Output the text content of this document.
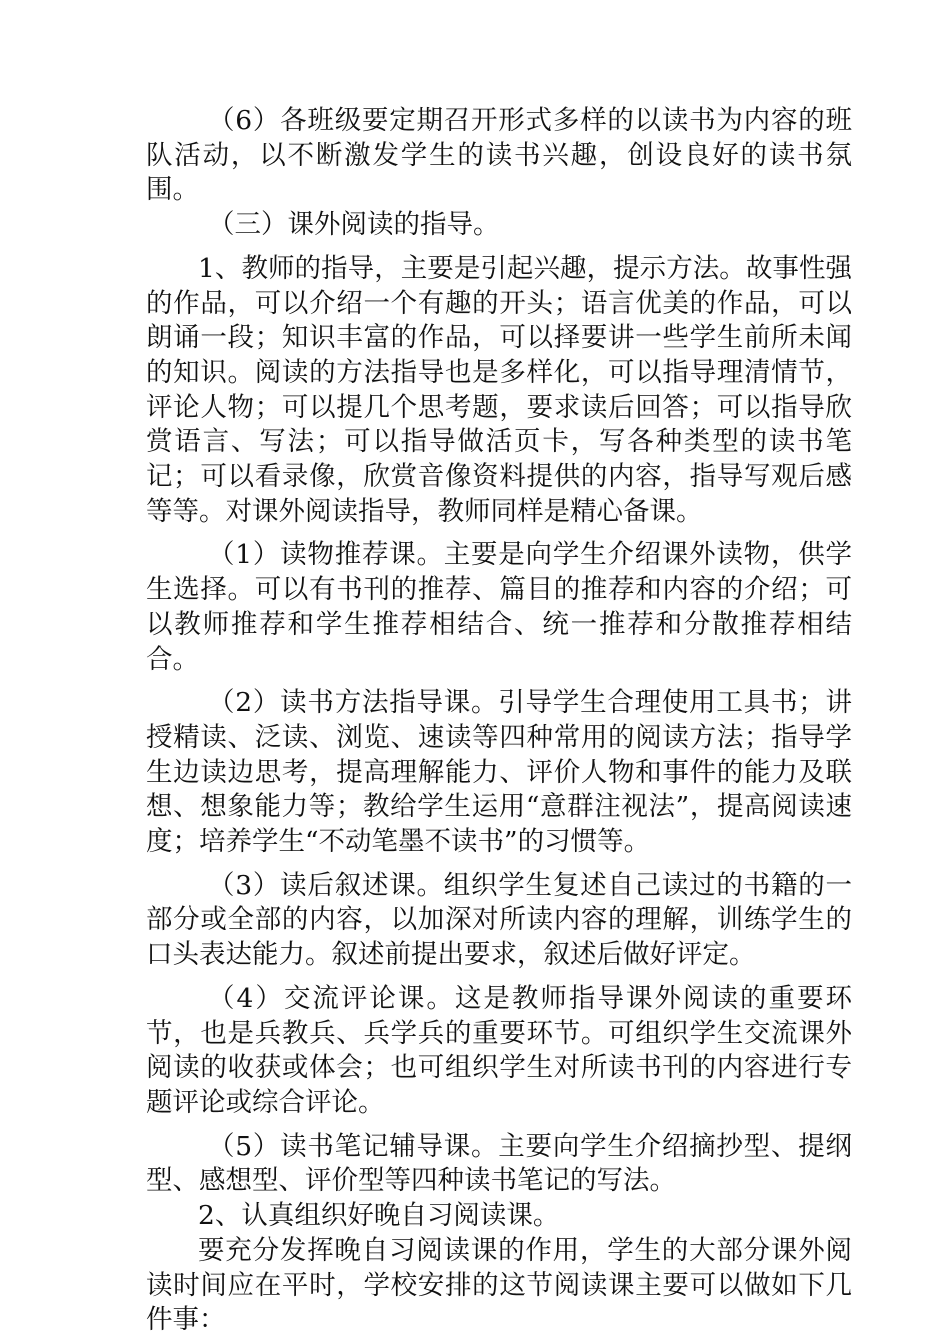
（6）各班级要定期召开形式多样的以读书为内容的班队活动，以不断激发学生的读书兴趣，创设良好的读书氛围。

（三）课外阅读的指导。

1、教师的指导，主要是引起兴趣，提示方法。故事性强的作品，可以介绍一个有趣的开头；语言优美的作品，可以朗诵一段；知识丰富的作品，可以择要讲一些学生前所未闻的知识。阅读的方法指导也是多样化，可以指导理清情节，评论人物；可以提几个思考题，要求读后回答；可以指导欣赏语言、写法；可以指导做活页卡，写各种类型的读书笔记；可以看录像，欣赏音像资料提供的内容，指导写观后感等等。对课外阅读指导，教师同样是精心备课。

（1）读物推荐课。主要是向学生介绍课外读物，供学生选择。可以有书刊的推荐、篇目的推荐和内容的介绍；可以教师推荐和学生推荐相结合、统一推荐和分散推荐相结合。

（2）读书方法指导课。引导学生合理使用工具书；讲授精读、泛读、浏览、速读等四种常用的阅读方法；指导学生边读边思考，提高理解能力、评价人物和事件的能力及联想、想象能力等；教给学生运用“意群注视法”，提高阅读速度；培养学生“不动笔墨不读书”的习惯等。

（3）读后叙述课。组织学生复述自己读过的书籍的一部分或全部的内容，以加深对所读内容的理解，训练学生的口头表达能力。叙述前提出要求，叙述后做好评定。

（4）交流评论课。这是教师指导课外阅读的重要环节，也是兵教兵、兵学兵的重要环节。可组织学生交流课外阅读的收获或体会；也可组织学生对所读书刊的内容进行专题评论或综合评论。

（5）读书笔记辅导课。主要向学生介绍摘抄型、提纲型、感想型、评价型等四种读书笔记的写法。

2、认真组织好晚自习阅读课。

要充分发挥晚自习阅读课的作用，学生的大部分课外阅读时间应在平时，学校安排的这节阅读课主要可以做如下几件事：
